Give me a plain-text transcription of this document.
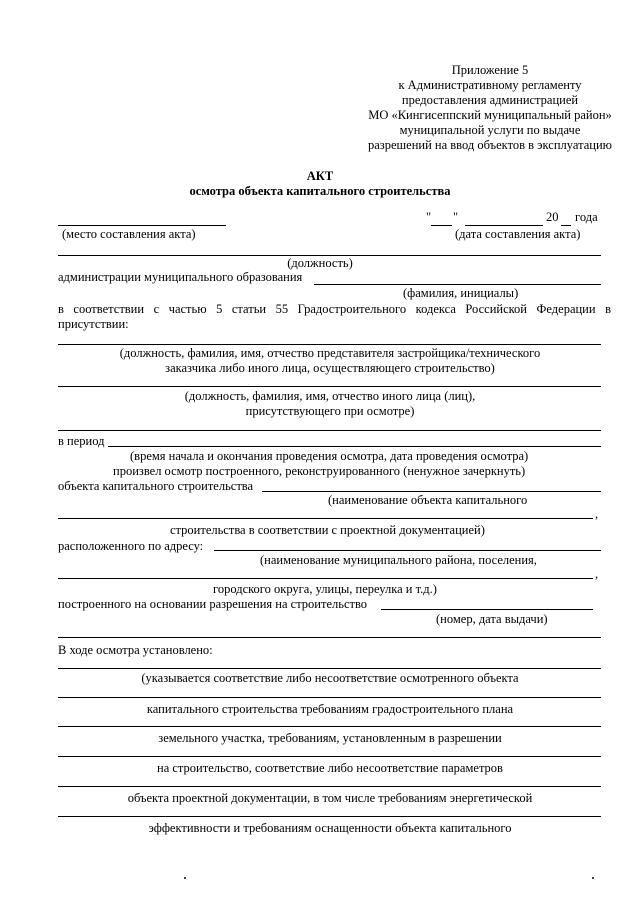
Приложение 5
к Административному регламенту
предоставления администрацией
МО «Кингисеппский муниципальный район»
муниципальной услуги по выдаче
разрешений на ввод объектов в эксплуатацию
АКТ
осмотра объекта капитального строительства
(место составления акта)
" "	20 года
(дата составления акта)
(должность)
администрации муниципального образования
(фамилия, инициалы)
в соответствии с частью 5 статьи 55 Градостроительного кодекса Российской Федерации в
присутствии:
(должность, фамилия, имя, отчество представителя застройщика/технического
заказчика либо иного лица, осуществляющего строительство)
(должность, фамилия, имя, отчество иного лица (лиц),
присутствующего при осмотре)
в период
(время начала и окончания проведения осмотра, дата проведения осмотра)
произвел осмотр построенного, реконструированного (ненужное зачеркнуть)
объекта капитального строительства
(наименование объекта капитального
,
строительства в соответствии с проектной документацией)
расположенного по адресу:
(наименование муниципального района, поселения,
,
городского округа, улицы, переулка и т.д.)
построенного на основании разрешения на строительство
(номер, дата выдачи)
В ходе осмотра установлено:
(указывается соответствие либо несоответствие осмотренного объекта
капитального строительства требованиям градостроительного плана
земельного участка, требованиям, установленным в разрешении
на строительство, соответствие либо несоответствие параметров
объекта проектной документации, в том числе требованиям энергетической
эффективности и требованиям оснащенности объекта капитального
